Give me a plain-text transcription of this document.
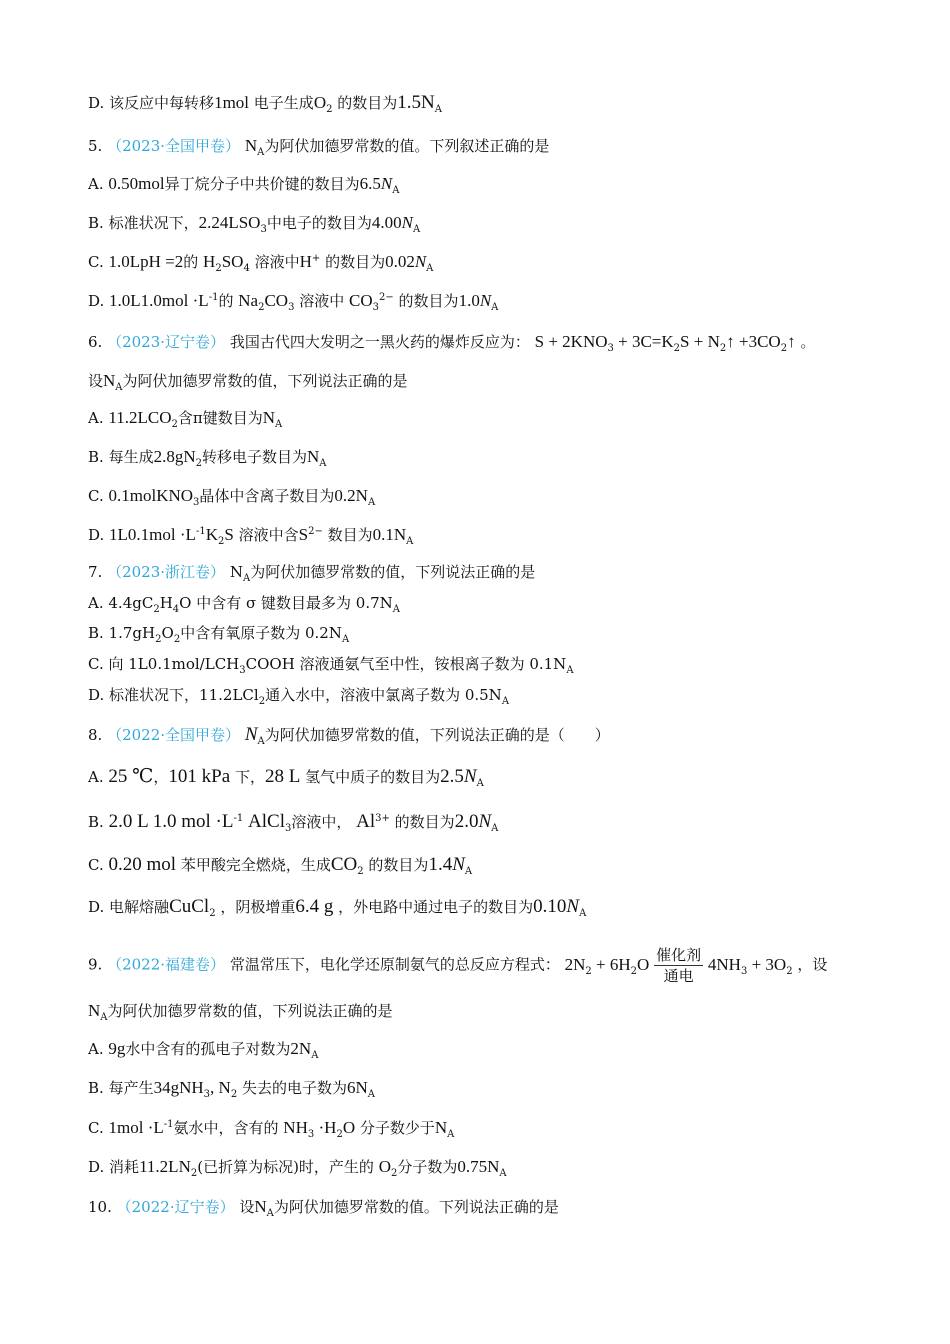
D. 该反应中每转移1mol 电子生成$O_2$ 的数目为$1.5N_A$
5. （2023·全国甲卷） $N_A$为阿伏加德罗常数的值。下列叙述正确的是
A. 0.50mol异丁烷分子中共价键的数目为$6.5N_A$
B. 标准状况下，$2.24LSO_3$中电子的数目为$4.00N_A$
C. 1.0LpH =2的 $H_2SO_4$ 溶液中H+ 的数目为$0.02N_A$
D. $1.0L1.0mol \cdot L^{-1}$的 $Na_2CO_3$ 溶液中 $CO_3^{2-}$ 的数目为$1.0N_A$
6. （2023·辽宁卷） 我国古代四大发明之一黑火药的爆炸反应为： $S + 2KNO_3 + 3C=K_2S$ + $N_2↑$ $+3CO_2↑$ 。
设$N_A$为阿伏加德罗常数的值，下列说法正确的是
A. $11.2LCO_2$含π键数目为$N_A$
B. 每生成$2.8gN_2$转移电子数目为$N_A$
C. 0.1molKNO$_3$晶体中含离子数目为$0.2N_A$
D. $1L0.1mol \cdot L^{-1}K_2S$ 溶液中含$S^{2-}$ 数目为$0.1N_A$
7. （2023·浙江卷） $N_A$为阿伏加德罗常数的值，下列说法正确的是
A. $4.4gC_2H_4O$ 中含有 σ 键数目最多为 $0.7N_A$
B. $1.7gH_2O_2$中含有氧原子数为 $0.2N_A$
C. 向 $1L0.1mol/LCH_3COOH$ 溶液通氨气至中性，铵根离子数为 $0.1N_A$
D. 标准状况下，11.2LCl$_2$通入水中，溶液中氯离子数为 $0.5N_A$
8. （2022·全国甲卷） $N_A$为阿伏加德罗常数的值，下列说法正确的是（　　）
A. 25 ℃，101 kPa 下，28 L 氢气中质子的数目为$2.5N_A$
B. 2.0 L 1.0 mol $\cdot L^{-1}$ AlCl$_3$溶液中， $Al^{3+}$ 的数目为$2.0N_A$
C. 0.20 mol 苯甲酸完全燃烧，生成$CO_2$ 的数目为$1.4N_A$
D. 电解熔融CuCl$_2$ ，阴极增重6.4 g ，外电路中通过电子的数目为$0.10N_A$
9. （2022·福建卷） 常温常压下，电化学还原制氨气的总反应方程式： $2N_2 + 6H_2O$ 催化剂
通电
$4NH_3 + 3O_2$ ，设
$N_A$为阿伏加德罗常数的值，下列说法正确的是
A. 9g水中含有的孤电子对数为$2N_A$
B. 每产生34gNH$_3$, $N_2$ 失去的电子数为$6N_A$
C. $1mol \cdot L^{-1}$氨水中，含有的 $NH_3 \cdot H_2O$ 分子数少于$N_A$
D. 消耗$11.2LN_2$(已折算为标况)时，产生的 $O_2$分子数为$0.75N_A$
10. （2022·辽宁卷） 设$N_A$为阿伏加德罗常数的值。下列说法正确的是
